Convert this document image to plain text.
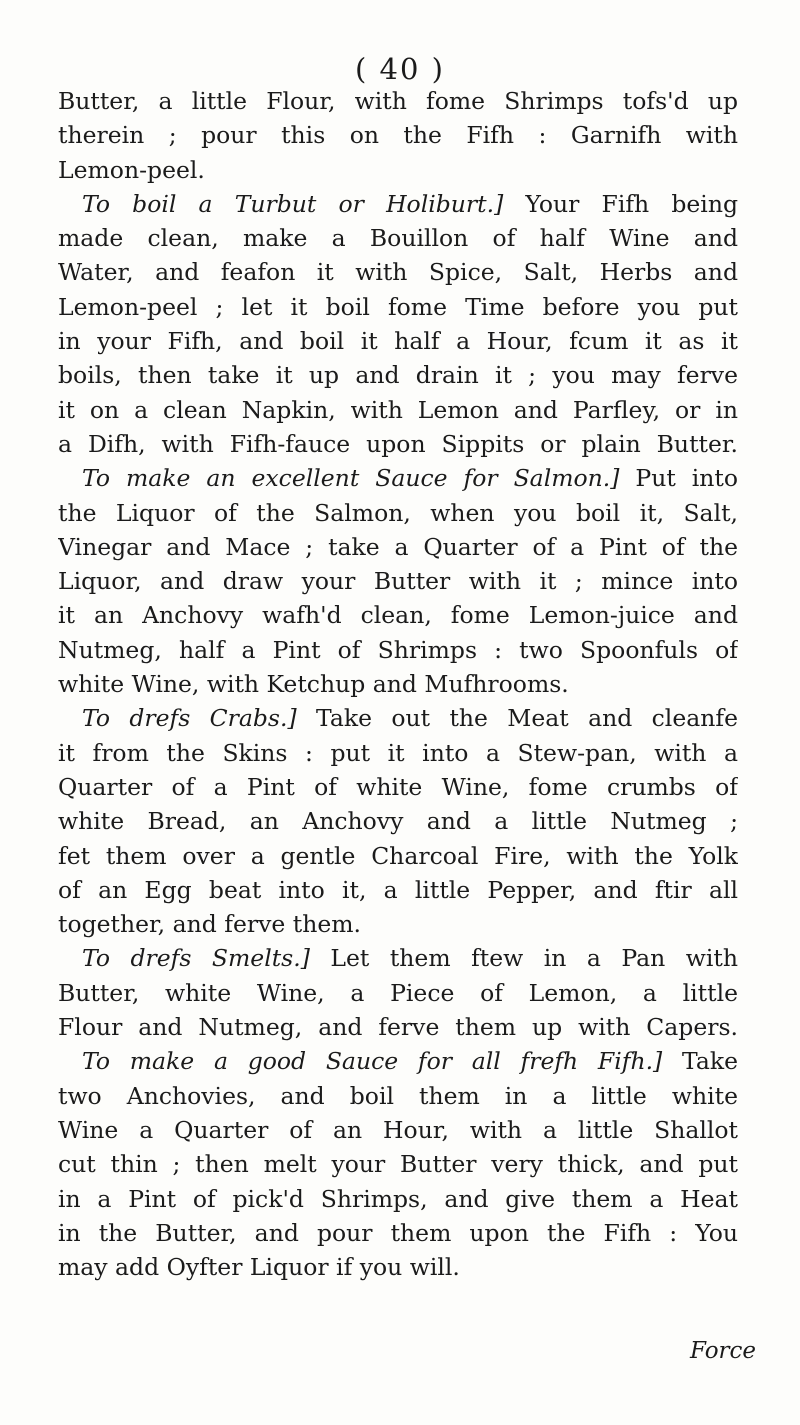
( 40 )
Butter, a little Flour, with fome Shrimps tofs'd up
therein ; pour this on the Fifh : Garnifh with
Lemon-peel.
To boil a Turbut or Holiburt.] Your Fifh being
made clean, make a Bouillon of half Wine and
Water, and feafon it with Spice, Salt, Herbs and
Lemon-peel ; let it boil fome Time before you put
in your Fifh, and boil it half a Hour, fcum it as it
boils, then take it up and drain it ; you may ferve
it on a clean Napkin, with Lemon and Parfley, or in
a Difh, with Fifh-fauce upon Sippits or plain Butter.
To make an excellent Sauce for Salmon.] Put into
the Liquor of the Salmon, when you boil it, Salt,
Vinegar and Mace ; take a Quarter of a Pint of the
Liquor, and draw your Butter with it ; mince into
it an Anchovy wafh'd clean, fome Lemon-juice and
Nutmeg, half a Pint of Shrimps : two Spoonfuls of
white Wine, with Ketchup and Mufhrooms.
To drefs Crabs.] Take out the Meat and cleanfe
it from the Skins : put it into a Stew-pan, with a
Quarter of a Pint of white Wine, fome crumbs of
white Bread, an Anchovy and a little Nutmeg ;
fet them over a gentle Charcoal Fire, with the Yolk
of an Egg beat into it, a little Pepper, and ftir all
together, and ferve them.
To drefs Smelts.] Let them ftew in a Pan with
Butter, white Wine, a Piece of Lemon, a little
Flour and Nutmeg, and ferve them up with Capers.
To make a good Sauce for all frefh Fifh.] Take
two Anchovies, and boil them in a little white
Wine a Quarter of an Hour, with a little Shallot
cut thin ; then melt your Butter very thick, and put
in a Pint of pick'd Shrimps, and give them a Heat
in the Butter, and pour them upon the Fifh : You
may add Oyfter Liquor if you will.
Force
